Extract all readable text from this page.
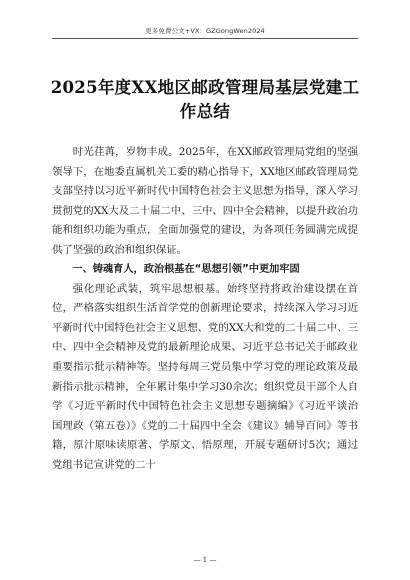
更多免费公文+VX：GZGongWen2024
2025年度XX地区邮政管理局基层党建工作总结

时光荏苒，岁物丰成。2025年，在XX邮政管理局党组的坚强领导下，在地委直属机关工委的精心指导下，XX地区邮政管理局党支部坚持以习近平新时代中国特色社会主义思想为指导，深入学习贯彻党的XX大及二十届二中、三中、四中全会精神，以提升政治功能和组织功能为重点，全面加强党的建设，为各项任务圆满完成提供了坚强的政治和组织保证。

一、铸魂育人，政治根基在“思想引领”中更加牢固

强化理论武装，筑牢思想根基。始终坚持将政治建设摆在首位，严格落实组织生活首学党的创新理论要求，持续深入学习习近平新时代中国特色社会主义思想、党的XX大和党的二十届二中、三中、四中全会精神及党的最新理论成果、习近平总书记关于邮政业重要指示批示精神等。坚持每周三党员集中学习党的理论政策及最新指示批示精神，全年累计集中学习30余次；组织党员干部个人自学《习近平新时代中国特色社会主义思想专题摘编》《习近平谈治国理政（第五卷）》《党的二十届四中全会《建议》辅导百问》等书籍，原汁原味读原著、学原文、悟原理，开展专题研讨5次；通过党组书记宣讲党的二十

— 1 —
